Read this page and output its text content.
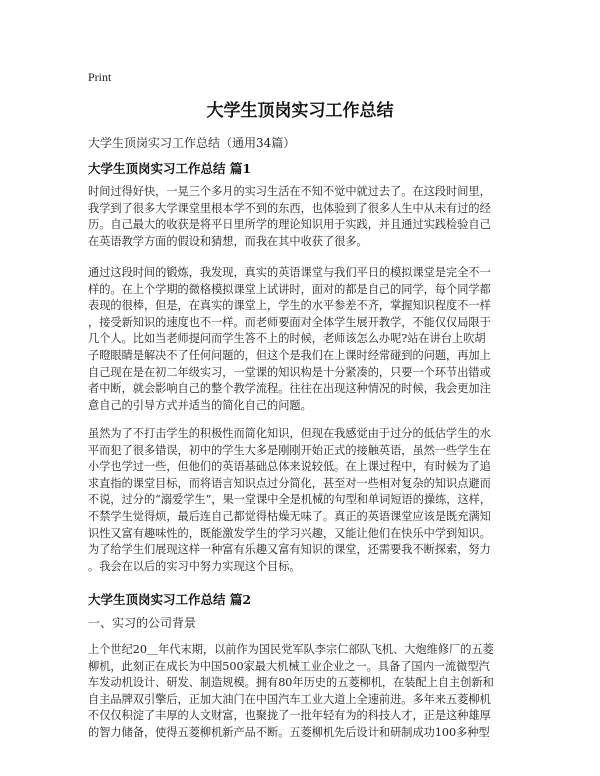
Print
大学生顶岗实习工作总结
大学生顶岗实习工作总结（通用34篇）
大学生顶岗实习工作总结 篇1
时间过得好快，一晃三个多月的实习生活在不知不觉中就过去了。在这段时间里，
我学到了很多大学课堂里根本学不到的东西，也体验到了很多人生中从未有过的经
历。自己最大的收获是将平日里所学的理论知识用于实践，并且通过实践检验自己
在英语教学方面的假设和猜想，而我在其中收获了很多。
通过这段时间的锻炼，我发现，真实的英语课堂与我们平日的模拟课堂是完全不一
样的。在上个学期的微格模拟课堂上试讲时，面对的都是自己的同学，每个同学都
表现的很棒，但是，在真实的课堂上，学生的水平参差不齐，掌握知识程度不一样
，接受新知识的速度也不一样。而老师要面对全体学生展开教学，不能仅仅局限于
几个人。比如当老师提问而学生答不上的时候，老师该怎么办呢?站在讲台上吹胡
子瞪眼睛是解决不了任何问题的，但这个是我们在上课时经常碰到的问题，再加上
自己现在是在初二年级实习，一堂课的知识构是十分紧凑的，只要一个环节出错或
者中断，就会影响自己的整个教学流程。往往在出现这种情况的时候，我会更加注
意自己的引导方式并适当的简化自己的问题。
虽然为了不打击学生的积极性而简化知识，但现在我感觉由于过分的低估学生的水
平而犯了很多错误，初中的学生大多是刚刚开始正式的接触英语，虽然一些学生在
小学也学过一些，但他们的英语基础总体来说较低。在上课过程中，有时候为了追
求直指的课堂目标，而将语言知识点过分简化，甚至对一些相对复杂的知识点避而
不说，过分的“溺爱学生”，果一堂课中全是机械的句型和单词短语的操练，这样，
不禁学生觉得烦，最后连自己都觉得枯燥无味了。真正的英语课堂应该是既充满知
识性又富有趣味性的，既能激发学生的学习兴趣，又能让他们在快乐中学到知识。
为了给学生们展现这样一种富有乐趣又富有知识的课堂，还需要我不断探索，努力
。我会在以后的实习中努力实现这个目标。
大学生顶岗实习工作总结 篇2
一、实习的公司背景
上个世纪20＿年代末期，以前作为国民党军队李宗仁部队飞机、大炮维修厂的五菱
柳机，此刻正在成长为中国500家最大机械工业企业之一。具备了国内一流微型汽
车发动机设计、研发、制造规模。拥有80年历史的五菱柳机，在装配上自主创新和
自主品牌双引擎后，正加大油门在中国汽车工业大道上全速前进。多年来五菱柳机
不仅仅积淀了丰厚的人文财富，也聚拢了一批年轻有为的科技人才，正是这种雄厚
的智力储备，使得五菱柳机新产品不断。五菱柳机先后设计和研制成功100多种型
